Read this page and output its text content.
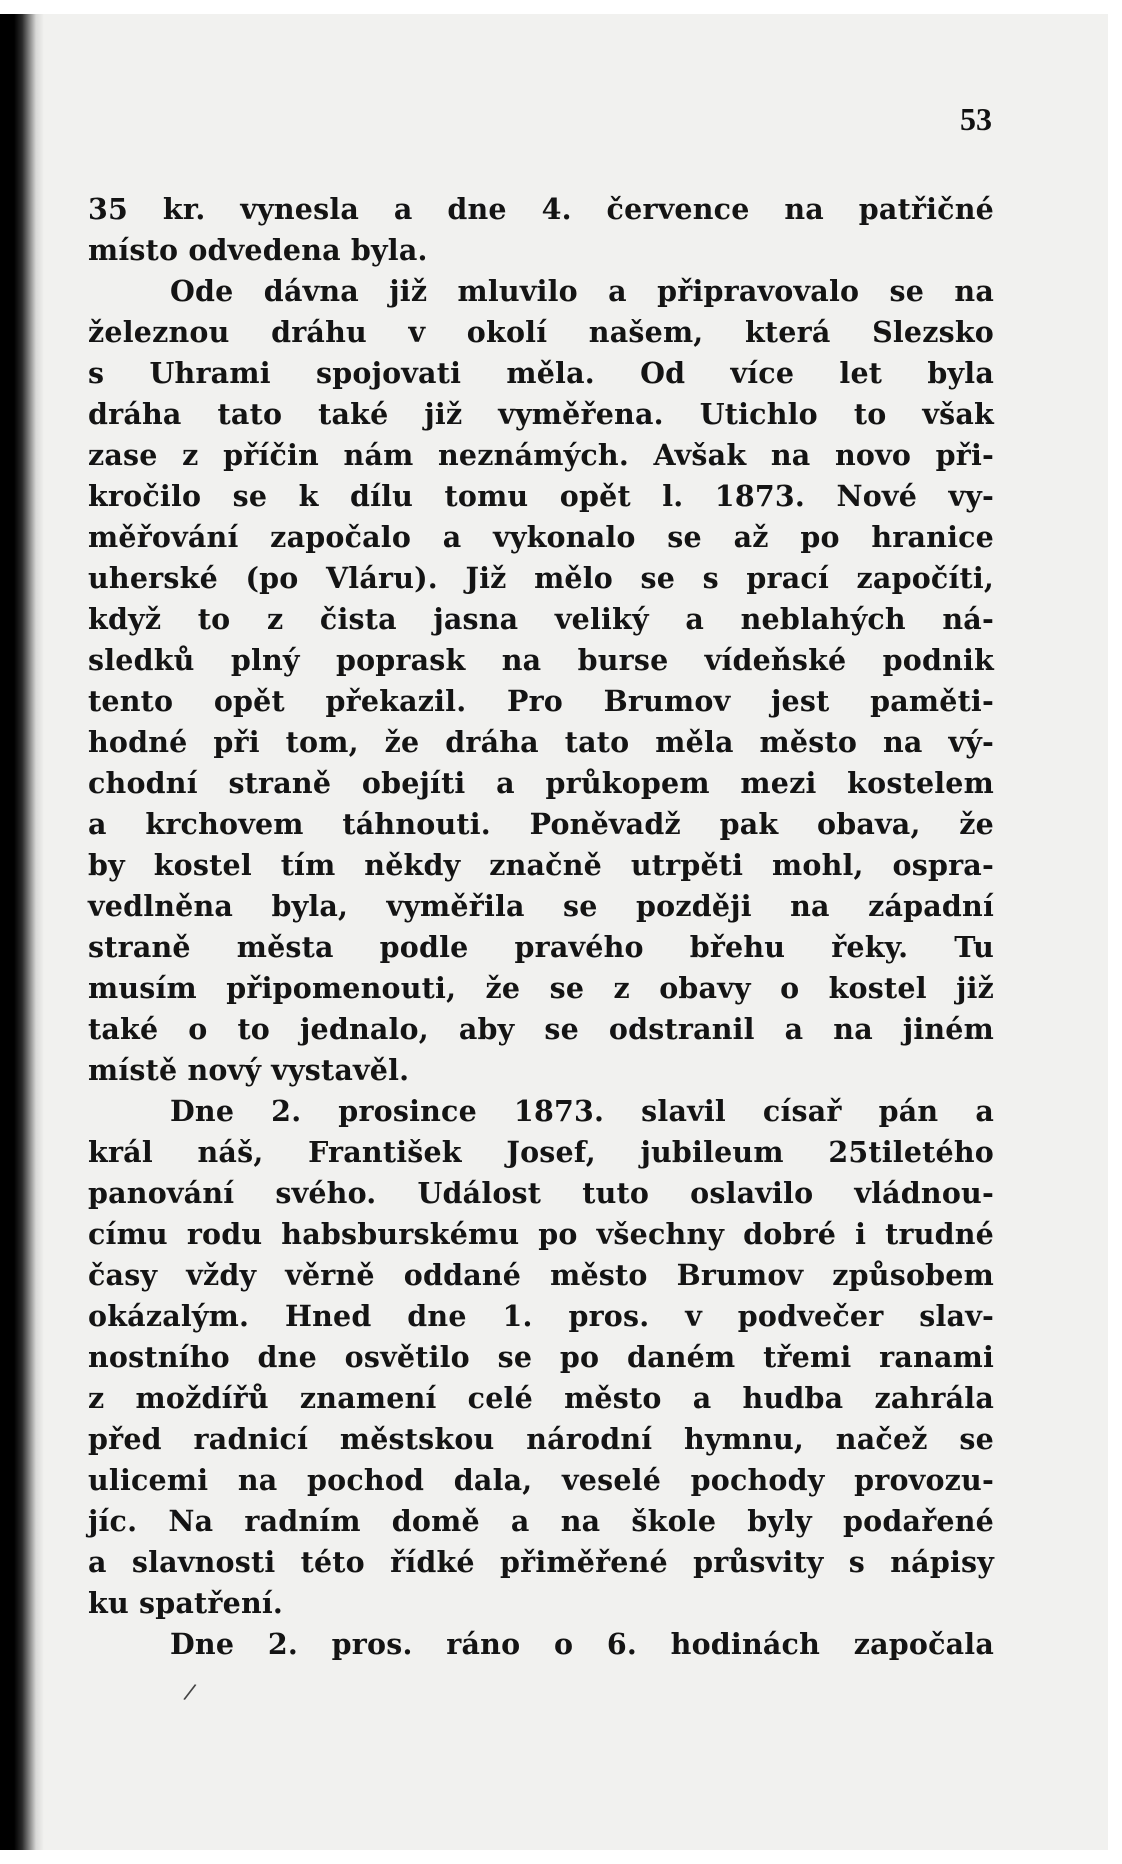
53
35 kr. vynesla a dne 4. července na patřičné
místo odvedena byla.
Ode dávna již mluvilo a připravovalo se na
železnou dráhu v okolí našem, která Slezsko
s Uhrami spojovati měla. Od více let byla
dráha tato také již vyměřena. Utichlo to však
zase z příčin nám neznámých. Avšak na novo při-
kročilo se k dílu tomu opět l. 1873. Nové vy-
měřování započalo a vykonalo se až po hranice
uherské (po Vláru). Již mělo se s prací započíti,
když to z čista jasna veliký a neblahých ná-
sledků plný poprask na burse vídeňské podnik
tento opět překazil. Pro Brumov jest paměti-
hodné při tom, že dráha tato měla město na vý-
chodní straně obejíti a průkopem mezi kostelem
a krchovem táhnouti. Poněvadž pak obava, že
by kostel tím někdy značně utrpěti mohl, ospra-
vedlněna byla, vyměřila se později na západní
straně města podle pravého břehu řeky. Tu
musím připomenouti, že se z obavy o kostel již
také o to jednalo, aby se odstranil a na jiném
místě nový vystavěl.
Dne 2. prosince 1873. slavil císař pán a
král náš, František Josef, jubileum 25tiletého
panování svého. Událost tuto oslavilo vládnou-
címu rodu habsburskému po všechny dobré i trudné
časy vždy věrně oddané město Brumov způsobem
okázalým. Hned dne 1. pros. v podvečer slav-
nostního dne osvětilo se po daném třemi ranami
z moždířů znamení celé město a hudba zahrála
před radnicí městskou národní hymnu, načež se
ulicemi na pochod dala, veselé pochody provozu-
jíc. Na radním domě a na škole byly podařené
a slavnosti této řídké přiměřené průsvity s nápisy
ku spatření.
Dne 2. pros. ráno o 6. hodinách započala
/
